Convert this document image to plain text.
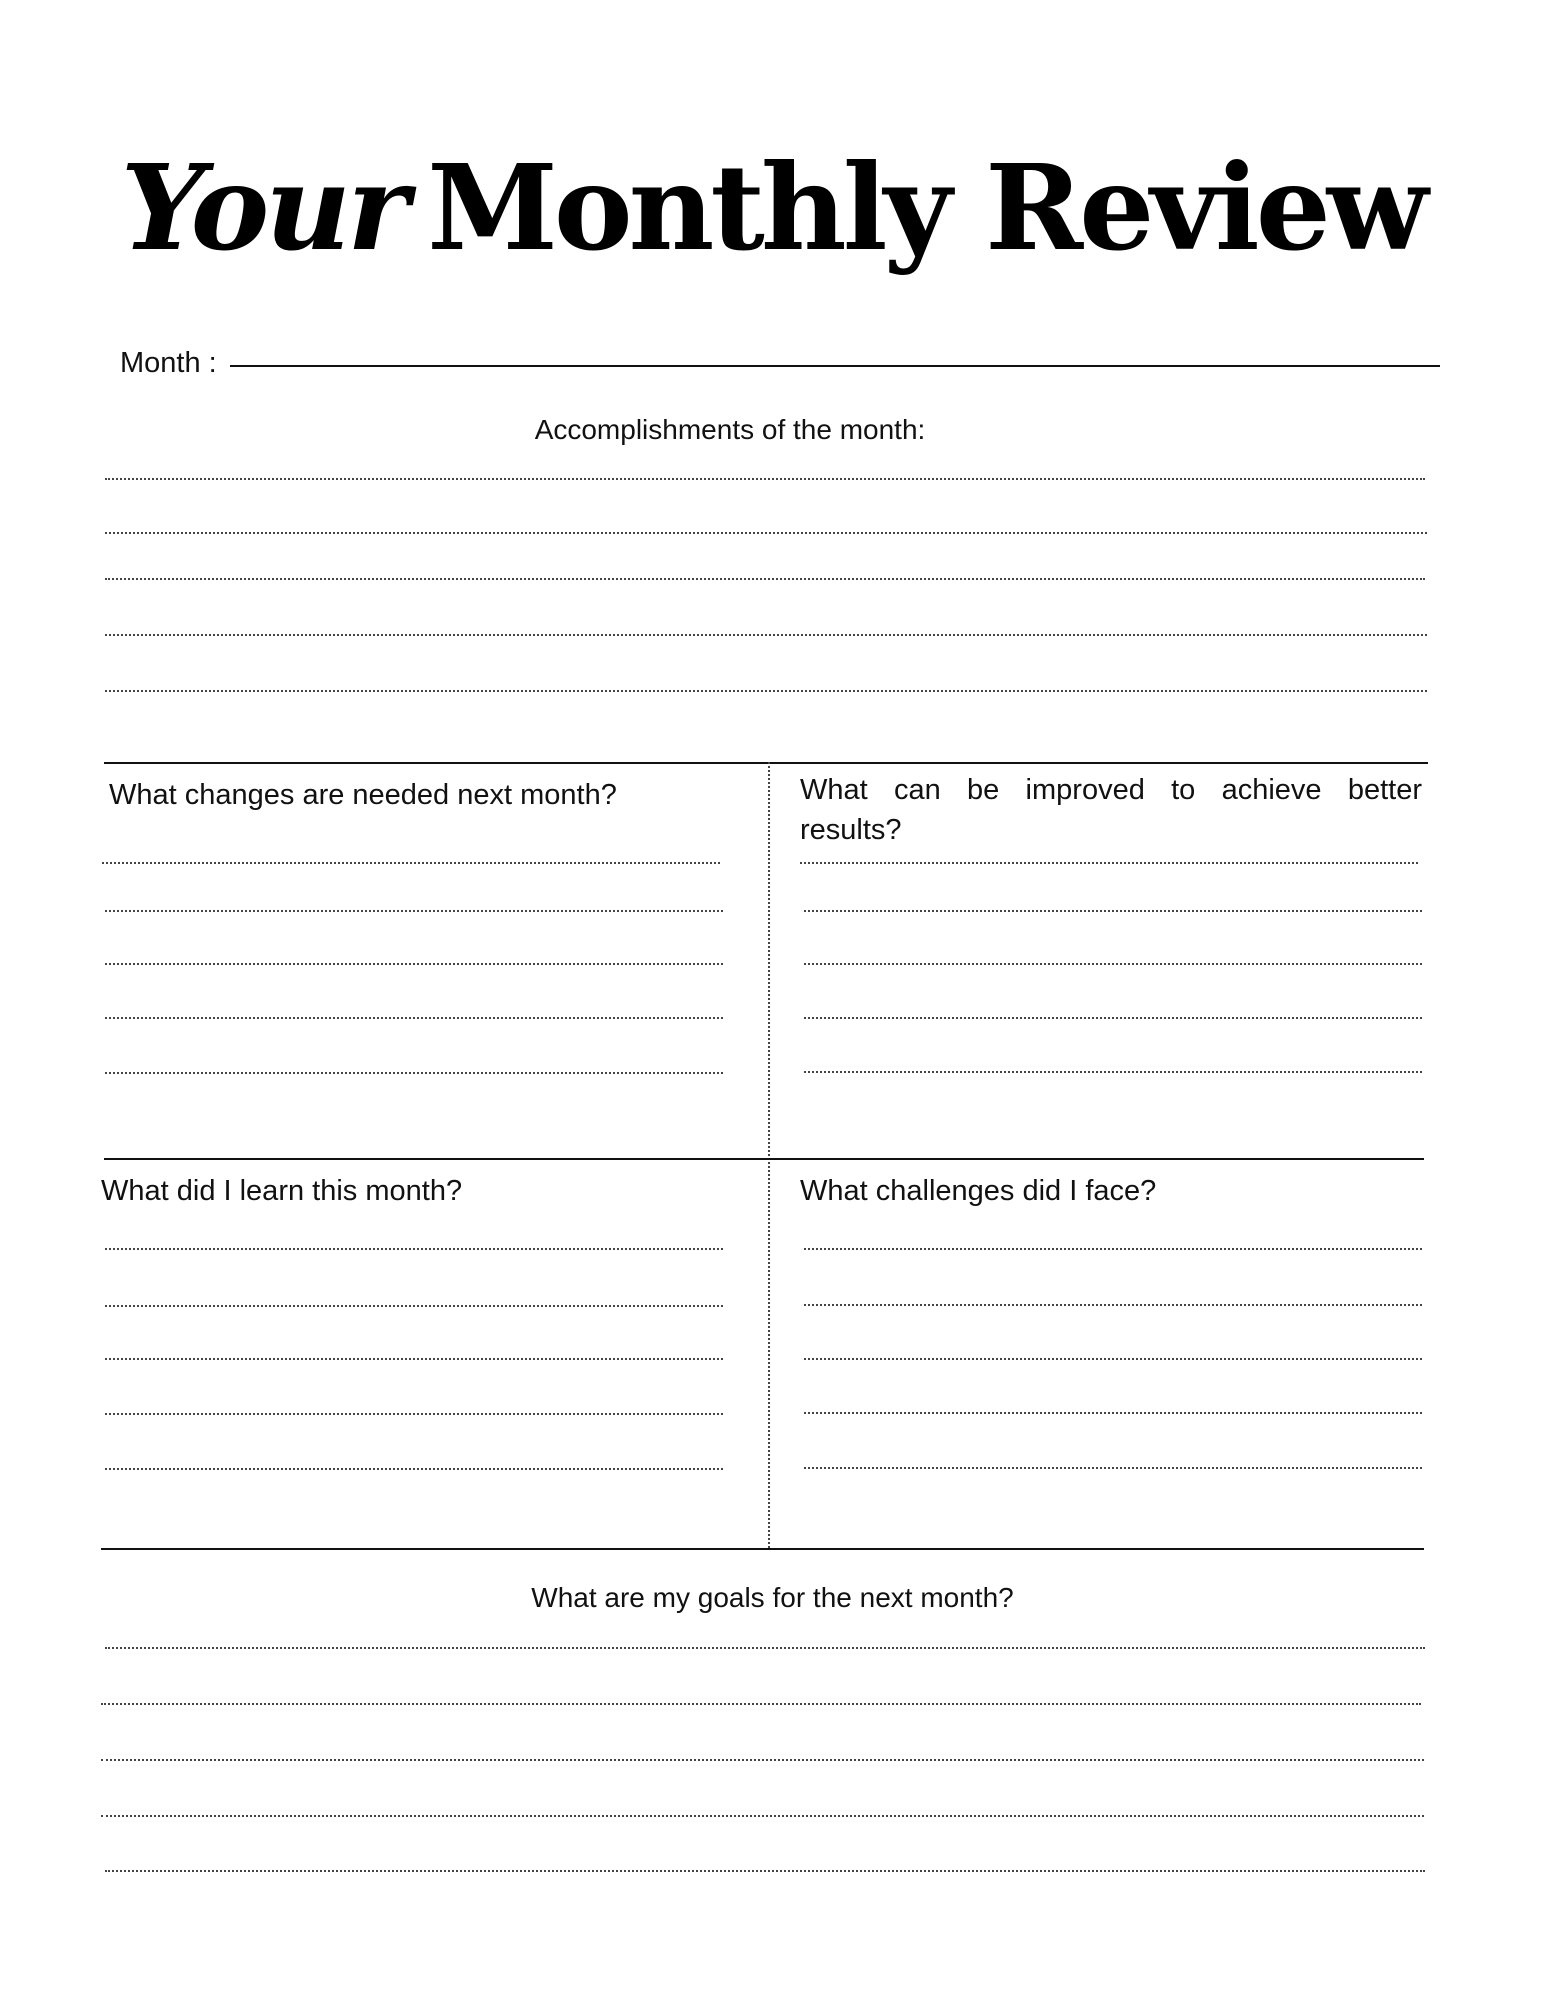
Your Monthly Review
Month :
Accomplishments of the month:
What changes are needed next month?	What can be improved to achieve better results?
What did I learn this month?	What challenges did I face?
What are my goals for the next month?
